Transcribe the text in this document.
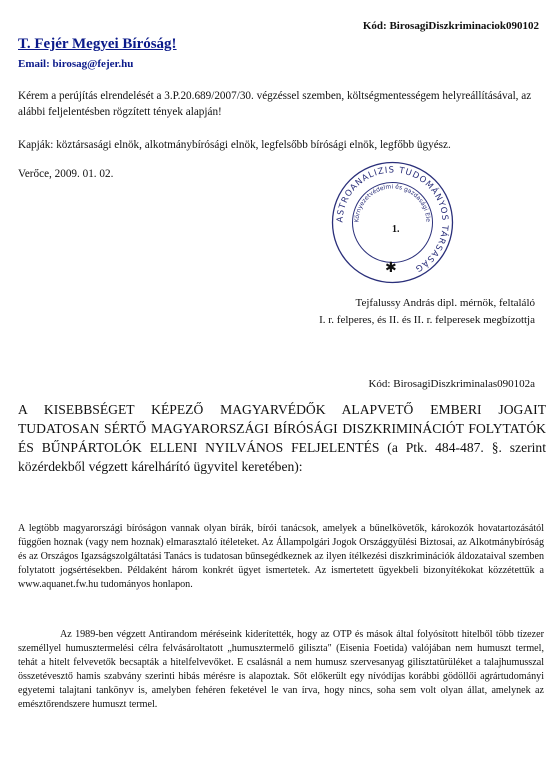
Kód: BirosagiDiszkriminaciok090102
T. Fejér Megyei Bíróság!
Email: birosag@fejer.hu
Kérem a perújítás elrendelését a 3.P.20.689/2007/30. végzéssel szemben, költségmentességem helyreállításával, az alábbi feljelentésben rögzített tények alapján!
Kapják: köztársasági elnök, alkotmánybírósági elnök, legfelsőbb bírósági elnök, legfőbb ügyész.
Verőce, 2009. 01. 02.
ASTROANALIZIS TUDOMÁNYOS TÁRSASÁG
Környezetvédelmi és gazdasági Ele
1.
✱
Tejfalussy András dipl. mérnök, feltaláló
I. r. felperes, és II. és II. r. felperesek megbízottja
Kód: BirosagiDiszkriminalas090102a
A KISEBBSÉGET KÉPEZŐ MAGYARVÉDŐK ALAPVETŐ EMBERI JOGAIT TUDATOSAN SÉRTŐ MAGYARORSZÁGI BÍRÓSÁGI DISZKRIMINÁCIÓT FOLYTATÓK ÉS BŰNPÁRTOLÓK ELLENI NYILVÁNOS FELJELENTÉS (a Ptk. 484-487. §. szerint közérdekből végzett kárelhárító ügyvitel keretében):
A legtöbb magyarországi bíróságon vannak olyan bírák, bírói tanácsok, amelyek a bűnelkövetők, károkozók hovatartozásától függően hoznak (vagy nem hoznak) elmarasztaló ítéleteket. Az Állampolgári Jogok Országgyűlési Biztosai, az Alkotmánybíróság és az Országos Igazságszolgáltatási Tanács is tudatosan bűnsegédkeznek az ilyen ítélkezési diszkriminációk áldozataival szemben folytatott jogsértésekben. Példaként három konkrét ügyet ismertetek. Az ismertetett ügyekbeli bizonyítékokat közzétettük a www.aquanet.fw.hu tudományos honlapon.
Az 1989-ben végzett Antirandom méréseink kiderítették, hogy az OTP és mások által folyósított hitelből több tízezer személlyel humusztermelési célra felvásároltatott „humusztermelő giliszta" (Eisenia Foetida) valójában nem humuszt termel, tehát a hitelt felvevetők becsapták a hitelfelvevőket. E csalásnál a nem humusz szervesanyag gilisztatürüléket a talajhumusszal összetévesztő hamis szabvány szerinti hibás mérésre is alapoztak. Sőt előkerült egy nívódíjas korábbi gödöllői agrártudományi egyetemi talajtani tankönyv is, amelyben fehéren feketével le van írva, hogy nincs, soha sem volt olyan állat, amelynek az emésztőrendszere humuszt termel.
